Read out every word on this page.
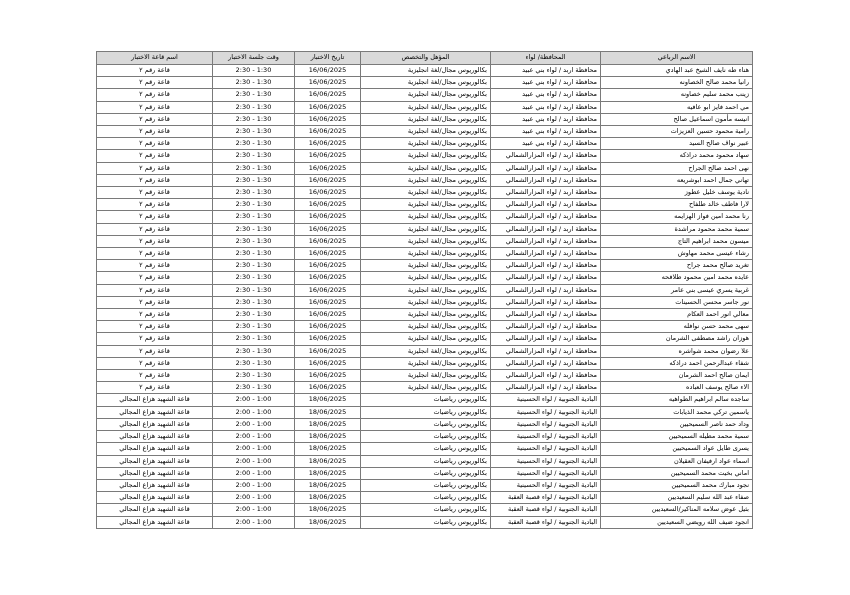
الاسم الرباعي	المحافظة/ لواء	المؤهل والتخصص	تاريخ الاختبار	وقت جلسة الاختبار	اسم قاعة الاختبار
هناء طه نايف الشيخ عبد الهادي	محافظة اربد / لواء بني عبيد	بكالوريوس مجال/لغة انجليزية	16/06/2025	1:30 - 2:30	قاعة رقم ٢
رانيا محمد صالح الخصاونه	محافظة اربد / لواء بني عبيد	بكالوريوس مجال/لغة انجليزية	16/06/2025	1:30 - 2:30	قاعة رقم ٢
زينب محمد سليم خصاونه	محافظة اربد / لواء بني عبيد	بكالوريوس مجال/لغة انجليزية	16/06/2025	1:30 - 2:30	قاعة رقم ٢
مي احمد فايز ابو عافيه	محافظة اربد / لواء بني عبيد	بكالوريوس مجال/لغة انجليزية	16/06/2025	1:30 - 2:30	قاعة رقم ٢
انيسه مأمون اسماعيل صالح	محافظة اربد / لواء بني عبيد	بكالوريوس مجال/لغة انجليزية	16/06/2025	1:30 - 2:30	قاعة رقم ٢
رامية محمود حسين العزيزات	محافظة اربد / لواء بني عبيد	بكالوريوس مجال/لغة انجليزية	16/06/2025	1:30 - 2:30	قاعة رقم ٢
عبير نواف صالح السيد	محافظة اربد / لواء بني عبيد	بكالوريوس مجال/لغة انجليزية	16/06/2025	1:30 - 2:30	قاعة رقم ٢
سهاد محمود محمد دراذكه	محافظة اربد / لواء المزارالشمالي	بكالوريوس مجال/لغة انجليزية	16/06/2025	1:30 - 2:30	قاعة رقم ٢
نهى احمد صالح الجراح	محافظة اربد / لواء المزارالشمالي	بكالوريوس مجال/لغة انجليزية	16/06/2025	1:30 - 2:30	قاعة رقم ٢
تهاني جمال احمد ابوشريعه	محافظة اربد / لواء المزارالشمالي	بكالوريوس مجال/لغة انجليزية	16/06/2025	1:30 - 2:30	قاعة رقم ٢
نادية يوسف خليل عطوز	محافظة اربد / لواء المزارالشمالي	بكالوريوس مجال/لغة انجليزية	16/06/2025	1:30 - 2:30	قاعة رقم ٢
لارا فاطف خالد طلفاح	محافظة اربد / لواء المزارالشمالي	بكالوريوس مجال/لغة انجليزية	16/06/2025	1:30 - 2:30	قاعة رقم ٢
رنا محمد امين فواز الهزايمه	محافظة اربد / لواء المزارالشمالي	بكالوريوس مجال/لغة انجليزية	16/06/2025	1:30 - 2:30	قاعة رقم ٢
سمية محمد محمود مراشدة	محافظة اربد / لواء المزارالشمالي	بكالوريوس مجال/لغة انجليزية	16/06/2025	1:30 - 2:30	قاعة رقم ٢
ميسون محمد ابراهيم التاج	محافظة اربد / لواء المزارالشمالي	بكالوريوس مجال/لغة انجليزية	16/06/2025	1:30 - 2:30	قاعة رقم ٢
رشاء عيسى محمد مهاوش	محافظة اربد / لواء المزارالشمالي	بكالوريوس مجال/لغة انجليزية	16/06/2025	1:30 - 2:30	قاعة رقم ٢
تغريد صالح محمد جراح	محافظة اربد / لواء المزارالشمالي	بكالوريوس مجال/لغة انجليزية	16/06/2025	1:30 - 2:30	قاعة رقم ٢
عايده محمد امين محمود طلافحه	محافظة اربد / لواء المزارالشمالي	بكالوريوس مجال/لغة انجليزية	16/06/2025	1:30 - 2:30	قاعة رقم ٢
غربية يسري عيسى بني عامر	محافظة اربد / لواء المزارالشمالي	بكالوريوس مجال/لغة انجليزية	16/06/2025	1:30 - 2:30	قاعة رقم ٢
نور جاسر محسن الحسينات	محافظة اربد / لواء المزارالشمالي	بكالوريوس مجال/لغة انجليزية	16/06/2025	1:30 - 2:30	قاعة رقم ٢
معالي انور احمد العكام	محافظة اربد / لواء المزارالشمالي	بكالوريوس مجال/لغة انجليزية	16/06/2025	1:30 - 2:30	قاعة رقم ٢
سهى محمد حسن نوافله	محافظة اربد / لواء المزارالشمالي	بكالوريوس مجال/لغة انجليزية	16/06/2025	1:30 - 2:30	قاعة رقم ٢
هوزان راشد مصطفى الشرمان	محافظة اربد / لواء المزارالشمالي	بكالوريوس مجال/لغة انجليزية	16/06/2025	1:30 - 2:30	قاعة رقم ٢
علا رضوان محمد شواشره	محافظة اربد / لواء المزارالشمالي	بكالوريوس مجال/لغة انجليزية	16/06/2025	1:30 - 2:30	قاعة رقم ٢
شفاء عبدالرحمن احمد دراذكه	محافظة اربد / لواء المزارالشمالي	بكالوريوس مجال/لغة انجليزية	16/06/2025	1:30 - 2:30	قاعة رقم ٢
ايمان صالح احمد الشرمان	محافظة اربد / لواء المزارالشمالي	بكالوريوس مجال/لغة انجليزية	16/06/2025	1:30 - 2:30	قاعة رقم ٢
الاء صالح يوسف العباده	محافظة اربد / لواء المزارالشمالي	بكالوريوس مجال/لغة انجليزية	16/06/2025	1:30 - 2:30	قاعة رقم ٢
ساجده سالم ابراهيم الطواهيه	البادية الجنوبية / لواء الحسينية	بكالوريوس رياضيات	18/06/2025	1:00 - 2:00	قاعة الشهيد هزاع المجالي
ياسمين تركي محمد الذيابات	البادية الجنوبية / لواء الحسينية	بكالوريوس رياضيات	18/06/2025	1:00 - 2:00	قاعة الشهيد هزاع المجالي
وداد حمد ناصر السميحيين	البادية الجنوبية / لواء الحسينية	بكالوريوس رياضيات	18/06/2025	1:00 - 2:00	قاعة الشهيد هزاع المجالي
سمية محمد مطيله السميحيين	البادية الجنوبية / لواء الحسينية	بكالوريوس رياضيات	18/06/2025	1:00 - 2:00	قاعة الشهيد هزاع المجالي
يسرى طايل عواد السميحيين	البادية الجنوبية / لواء الحسينية	بكالوريوس رياضيات	18/06/2025	1:00 - 2:00	قاعة الشهيد هزاع المجالي
اسماء عواد ارفيفان العقيلان	البادية الجنوبية / لواء الحسينية	بكالوريوس رياضيات	18/06/2025	1:00 - 2:00	قاعة الشهيد هزاع المجالي
اماني بخيت محمد السميحيين	البادية الجنوبية / لواء الحسينية	بكالوريوس رياضيات	18/06/2025	1:00 - 2:00	قاعة الشهيد هزاع المجالي
نجود مبارك محمد السميحيين	البادية الجنوبية / لواء الحسينية	بكالوريوس رياضيات	18/06/2025	1:00 - 2:00	قاعة الشهيد هزاع المجالي
صفاء عبد الله سليم السعيديين	البادية الجنوبية / لواء قصبة العقبة	بكالوريوس رياضيات	18/06/2025	1:00 - 2:00	قاعة الشهيد هزاع المجالي
بثيل عوض سلامه المناكير/السعيديين	البادية الجنوبية / لواء قصبة العقبة	بكالوريوس رياضيات	18/06/2025	1:00 - 2:00	قاعة الشهيد هزاع المجالي
انجود ضيف الله رويضي السعيديين	البادية الجنوبية / لواء قصبة العقبة	بكالوريوس رياضيات	18/06/2025	1:00 - 2:00	قاعة الشهيد هزاع المجالي
